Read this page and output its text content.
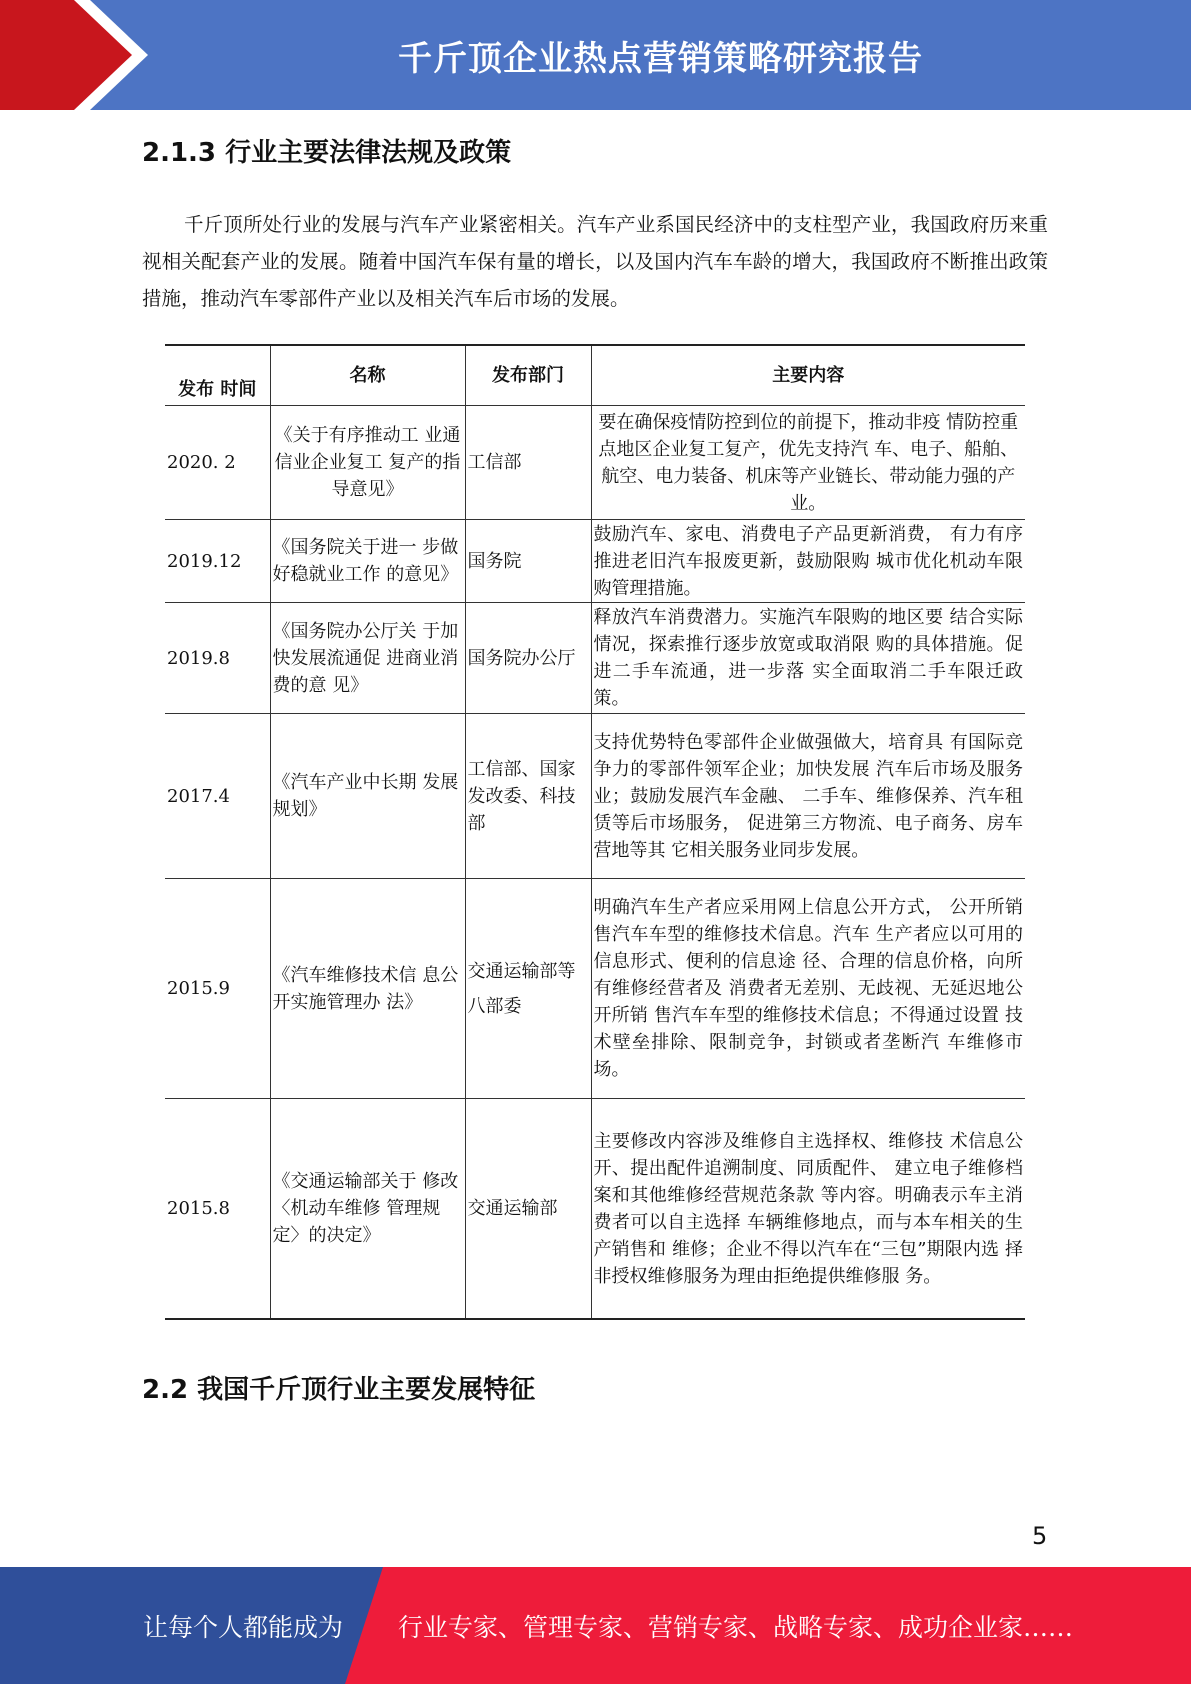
千斤顶企业热点营销策略研究报告
2.1.3 行业主要法律法规及政策

千斤顶所处行业的发展与汽车产业紧密相关。汽车产业系国民经济中的支柱型产业，我国政府历来重视相关配套产业的发展。随着中国汽车保有量的增长，以及国内汽车车龄的增大，我国政府不断推出政策措施，推动汽车零部件产业以及相关汽车后市场的发展。

发布 时间	名称	发布部门	主要内容
2020. 2	《关于有序推动工 业通信业企业复工 复产的指导意见》	工信部	要在确保疫情防控到位的前提下，推动非疫 情防控重点地区企业复工复产，优先支持汽 车、电子、船舶、航空、电力装备、机床等产业链长、带动能力强的产业。
2019.12	《国务院关于进一 步做好稳就业工作 的意见》	国务院	鼓励汽车、家电、消费电子产品更新消费， 有力有序推进老旧汽车报废更新，鼓励限购 城市优化机动车限购管理措施。
2019.8	《国务院办公厅关 于加快发展流通促 进商业消费的意 见》	国务院办公厅	释放汽车消费潜力。实施汽车限购的地区要 结合实际情况，探索推行逐步放宽或取消限 购的具体措施。促进二手车流通，进一步落 实全面取消二手车限迁政策。
2017.4	《汽车产业中长期 发展规划》	工信部、国家发改委、科技部	支持优势特色零部件企业做强做大，培育具 有国际竞争力的零部件领军企业；加快发展 汽车后市场及服务业；鼓励发展汽车金融、 二手车、维修保养、汽车租赁等后市场服务， 促进第三方物流、电子商务、房车营地等其 它相关服务业同步发展。
2015.9	《汽车维修技术信 息公开实施管理办 法》	交通运输部等八部委	明确汽车生产者应采用网上信息公开方式， 公开所销售汽车车型的维修技术信息。汽车 生产者应以可用的信息形式、便利的信息途 径、合理的信息价格，向所有维修经营者及 消费者无差别、无歧视、无延迟地公开所销 售汽车车型的维修技术信息；不得通过设置 技术壁垒排除、限制竞争，封锁或者垄断汽 车维修市场。
2015.8	《交通运输部关于 修改〈机动车维修 管理规定〉的决定》	交通运输部	主要修改内容涉及维修自主选择权、维修技 术信息公开、提出配件追溯制度、同质配件、 建立电子维修档案和其他维修经营规范条款 等内容。明确表示车主消费者可以自主选择 车辆维修地点，而与本车相关的生产销售和 维修；企业不得以汽车在“三包”期限内选 择非授权维修服务为理由拒绝提供维修服 务。
2.2 我国千斤顶行业主要发展特征
5
让每个人都能成为 行业专家、管理专家、营销专家、战略专家、成功企业家……
